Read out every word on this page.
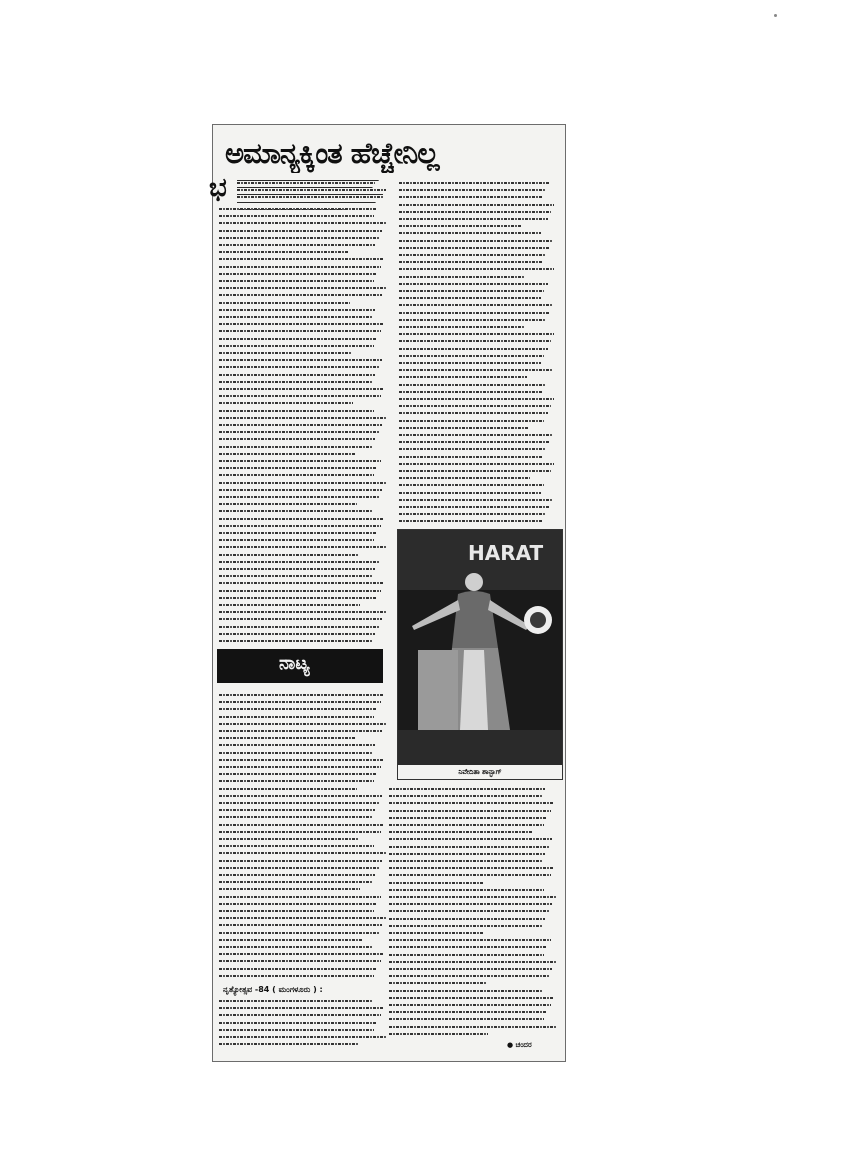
ಅಮಾನ್ಯಕ್ಕಿಂತ ಹೆಚ್ಚೇನಿಲ್ಲ
ಭ
ನಾಟ್ಯ
HARAT
ನಿವೇದಿತಾ ಶಾನ್ಭಾಗ್
ನೃತ್ಯೋತ್ಸವ -84 ( ಮಂಗಳೂರು ) :
● ಚಂದರ
